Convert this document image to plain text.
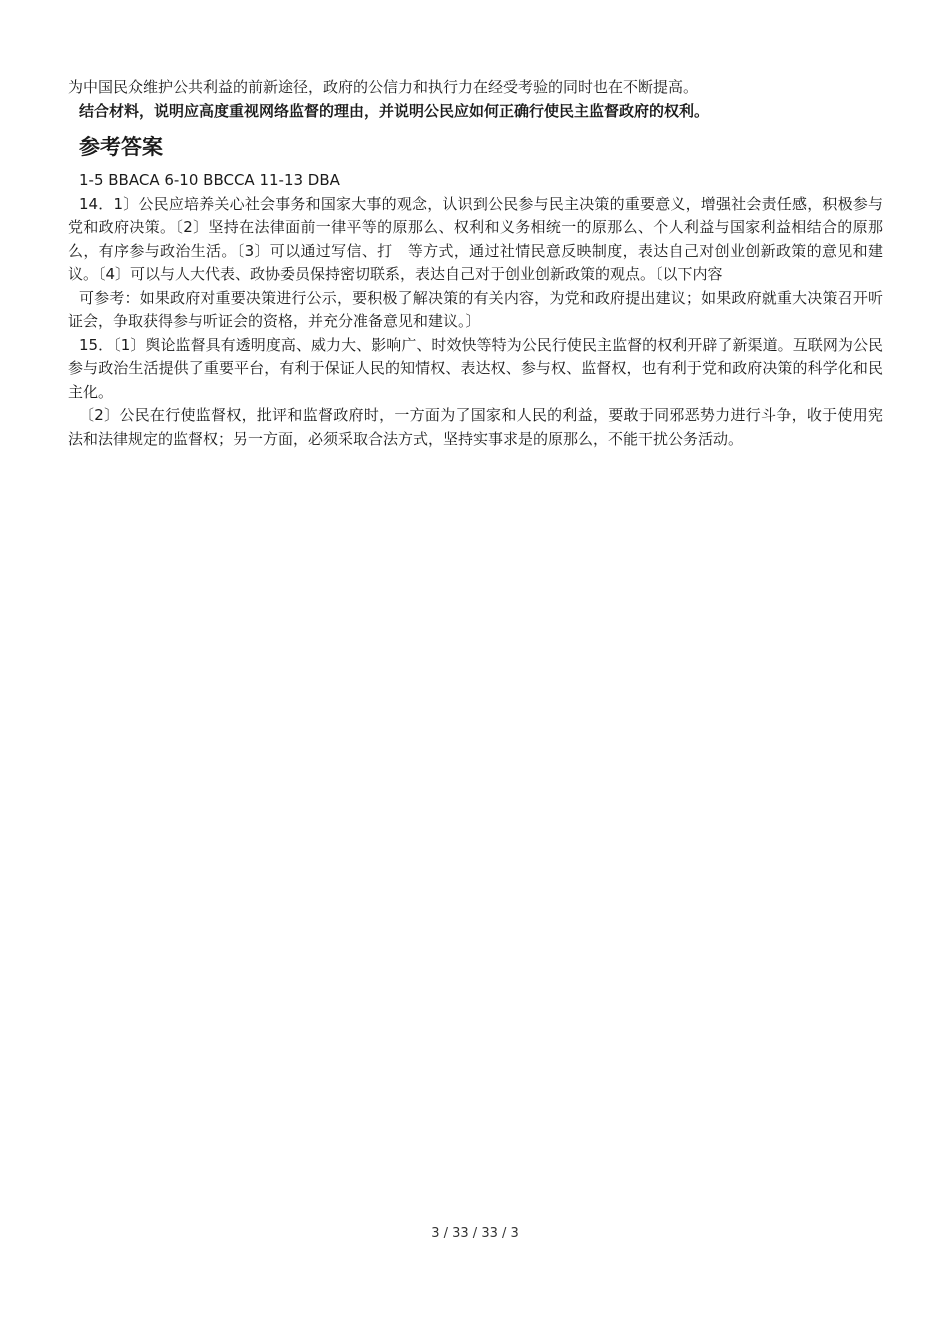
为中国民众维护公共利益的前新途径，政府的公信力和执行力在经受考验的同时也在不断提高。

结合材料，说明应高度重视网络监督的理由，并说明公民应如何正确行使民主监督政府的权利。

参考答案

1-5 BBACA 6-10 BBCCA 11-13 DBA

14．1〕公民应培养关心社会事务和国家大事的观念，认识到公民参与民主决策的重要意义，增强社会责任感，积极参与党和政府决策。〔2〕坚持在法律面前一律平等的原那么、权利和义务相统一的原那么、个人利益与国家利益相结合的原那么，有序参与政治生活。〔3〕可以通过写信、打　等方式，通过社情民意反映制度，表达自己对创业创新政策的意见和建议。〔4〕可以与人大代表、政协委员保持密切联系，表达自己对于创业创新政策的观点。〔以下内容

可参考：如果政府对重要决策进行公示，要积极了解决策的有关内容，为党和政府提出建议；如果政府就重大决策召开听证会，争取获得参与听证会的资格，并充分准备意见和建议。〕

15．〔1〕舆论监督具有透明度高、威力大、影响广、时效快等特为公民行使民主监督的权利开辟了新渠道。互联网为公民参与政治生活提供了重要平台，有利于保证人民的知情权、表达权、参与权、监督权，也有利于党和政府决策的科学化和民主化。

〔2〕公民在行使监督权，批评和监督政府时，一方面为了国家和人民的利益，要敢于同邪恶势力进行斗争，收于使用宪法和法律规定的监督权；另一方面，必须采取合法方式，坚持实事求是的原那么，不能干扰公务活动。

3 / 33 / 33 / 3
